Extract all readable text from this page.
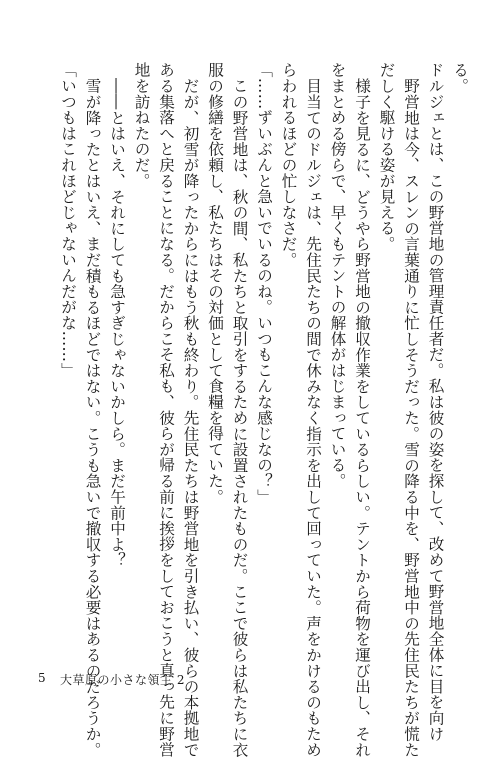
る。
ドルジェとは、この野営地の管理責任者だ。私は彼の姿を探して、改めて野営地全体に目を向け
野営地は今、スレンの言葉通りに忙しそうだった。雪の降る中を、野営地中の先住民たちが慌た
だしく駆ける姿が見える。
様子を見るに、どうやら野営地の撤収作業をしているらしい。テントから荷物を運び出し、それ
をまとめる傍らで、早くもテントの解体がはじまっている。
目当てのドルジェは、先住民たちの間で休みなく指示を出して回っていた。声をかけるのもため
らわれるほどの忙しなさだ。
「……ずいぶんと急いでいるのね。いつもこんな感じなの？」
この野営地は、秋の間、私たちと取引をするために設置されたものだ。ここで彼らは私たちに衣
服の修繕を依頼し、私たちはその対価として食糧を得ていた。
だが、初雪が降ったからにはもう秋も終わり。先住民たちは野営地を引き払い、彼らの本拠地で
ある集落へと戻ることになる。だからこそ私も、彼らが帰る前に挨拶をしておこうと真っ先に野営
地を訪ねたのだ。
――とはいえ、それにしても急すぎじゃないかしら。まだ午前中よ？
雪が降ったとはいえ、まだ積もるほどではない。こうも急いで撤収する必要はあるのだろうか。
「いつもはこれほどじゃないんだがな……」
5 大草原の小さな領主 2
